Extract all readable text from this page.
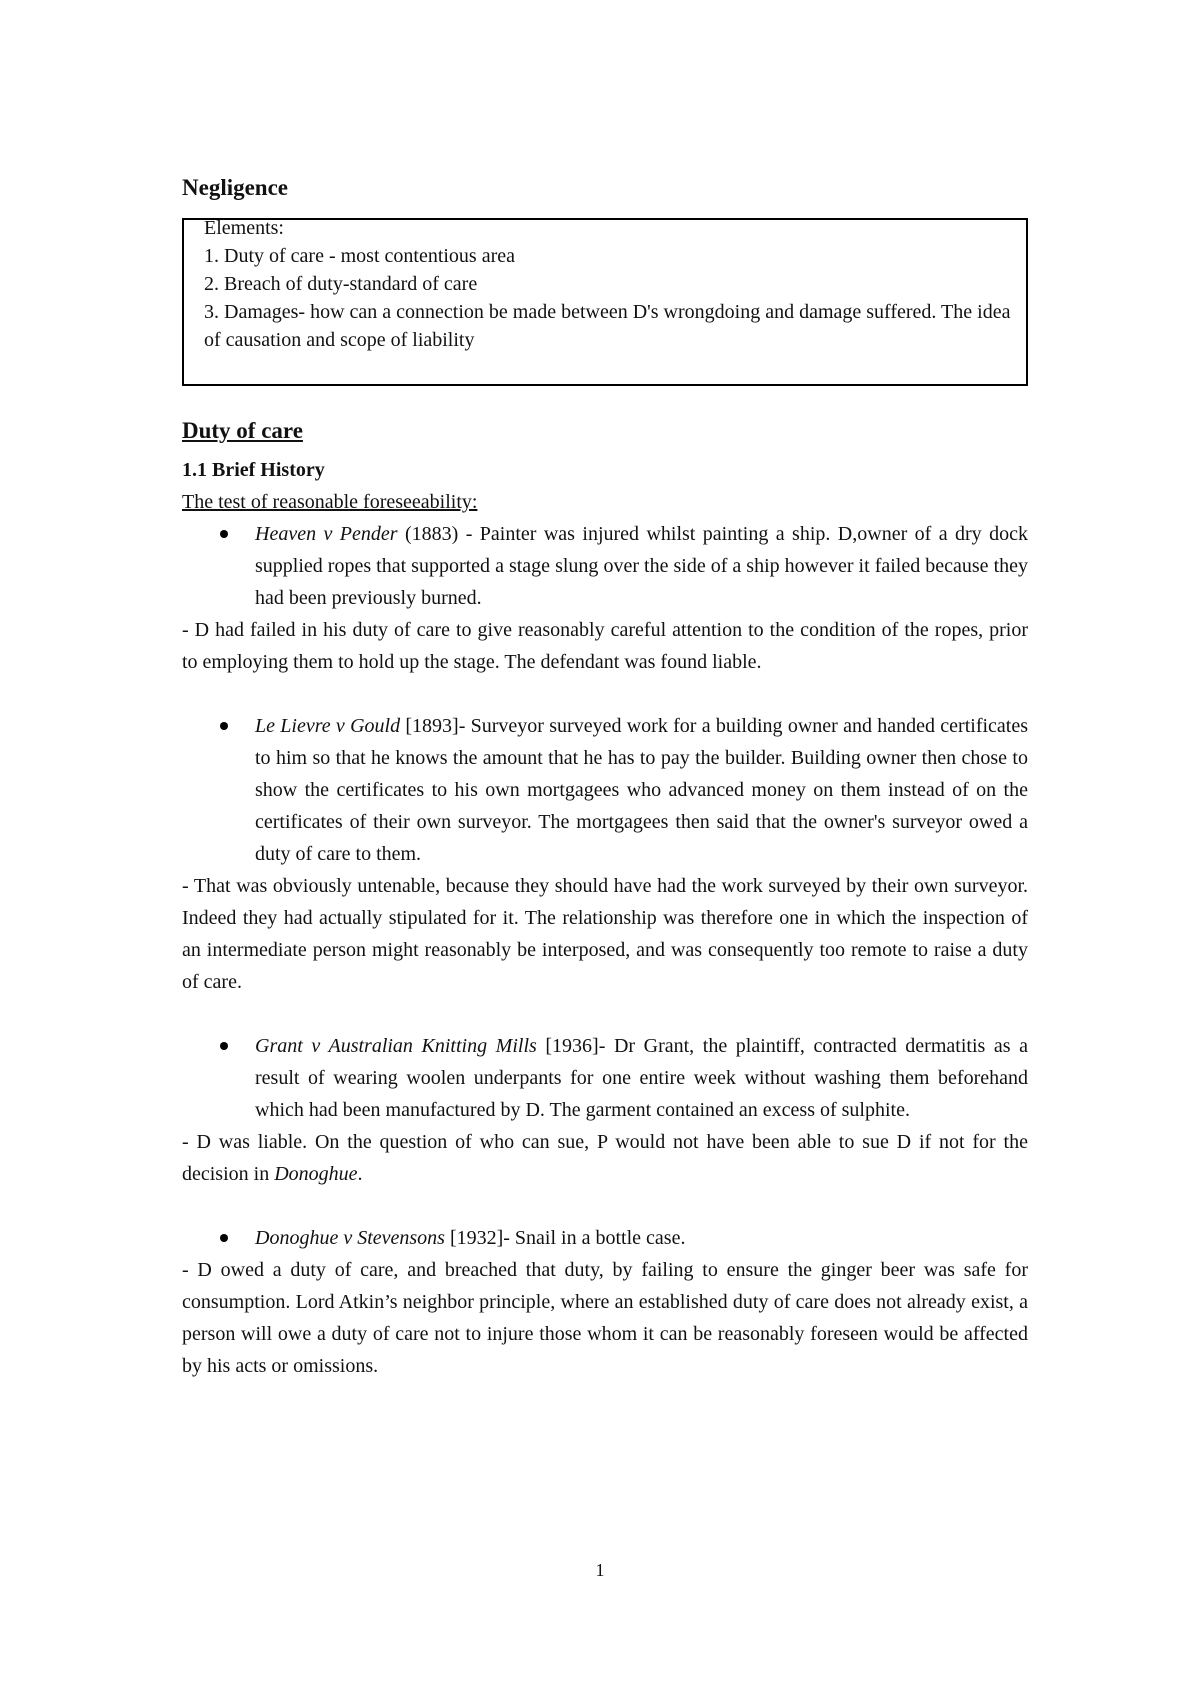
Negligence
Elements:
1. Duty of care - most contentious area
2. Breach of duty-standard of care
3. Damages- how can a connection be made between D's wrongdoing and damage suffered. The idea of causation and scope of liability
Duty of care
1.1 Brief History
The test of reasonable foreseeability:
Heaven v Pender (1883) - Painter was injured whilst painting a ship. D,owner of a dry dock supplied ropes that supported a stage slung over the side of a ship however it failed because they had been previously burned.
- D had failed in his duty of care to give reasonably careful attention to the condition of the ropes, prior to employing them to hold up the stage. The defendant was found liable.
Le Lievre v Gould [1893]- Surveyor surveyed work for a building owner and handed certificates to him so that he knows the amount that he has to pay the builder. Building owner then chose to show the certificates to his own mortgagees who advanced money on them instead of on the certificates of their own surveyor. The mortgagees then said that the owner's surveyor owed a duty of care to them.
- That was obviously untenable, because they should have had the work surveyed by their own surveyor. Indeed they had actually stipulated for it. The relationship was therefore one in which the inspection of an intermediate person might reasonably be interposed, and was consequently too remote to raise a duty of care.
Grant v Australian Knitting Mills [1936]- Dr Grant, the plaintiff, contracted dermatitis as a result of wearing woolen underpants for one entire week without washing them beforehand which had been manufactured by D. The garment contained an excess of sulphite.
- D was liable. On the question of who can sue, P would not have been able to sue D if not for the decision in Donoghue.
Donoghue v Stevensons [1932]- Snail in a bottle case.
- D owed a duty of care, and breached that duty, by failing to ensure the ginger beer was safe for consumption. Lord Atkin’s neighbor principle, where an established duty of care does not already exist, a person will owe a duty of care not to injure those whom it can be reasonably foreseen would be affected by his acts or omissions.
1
